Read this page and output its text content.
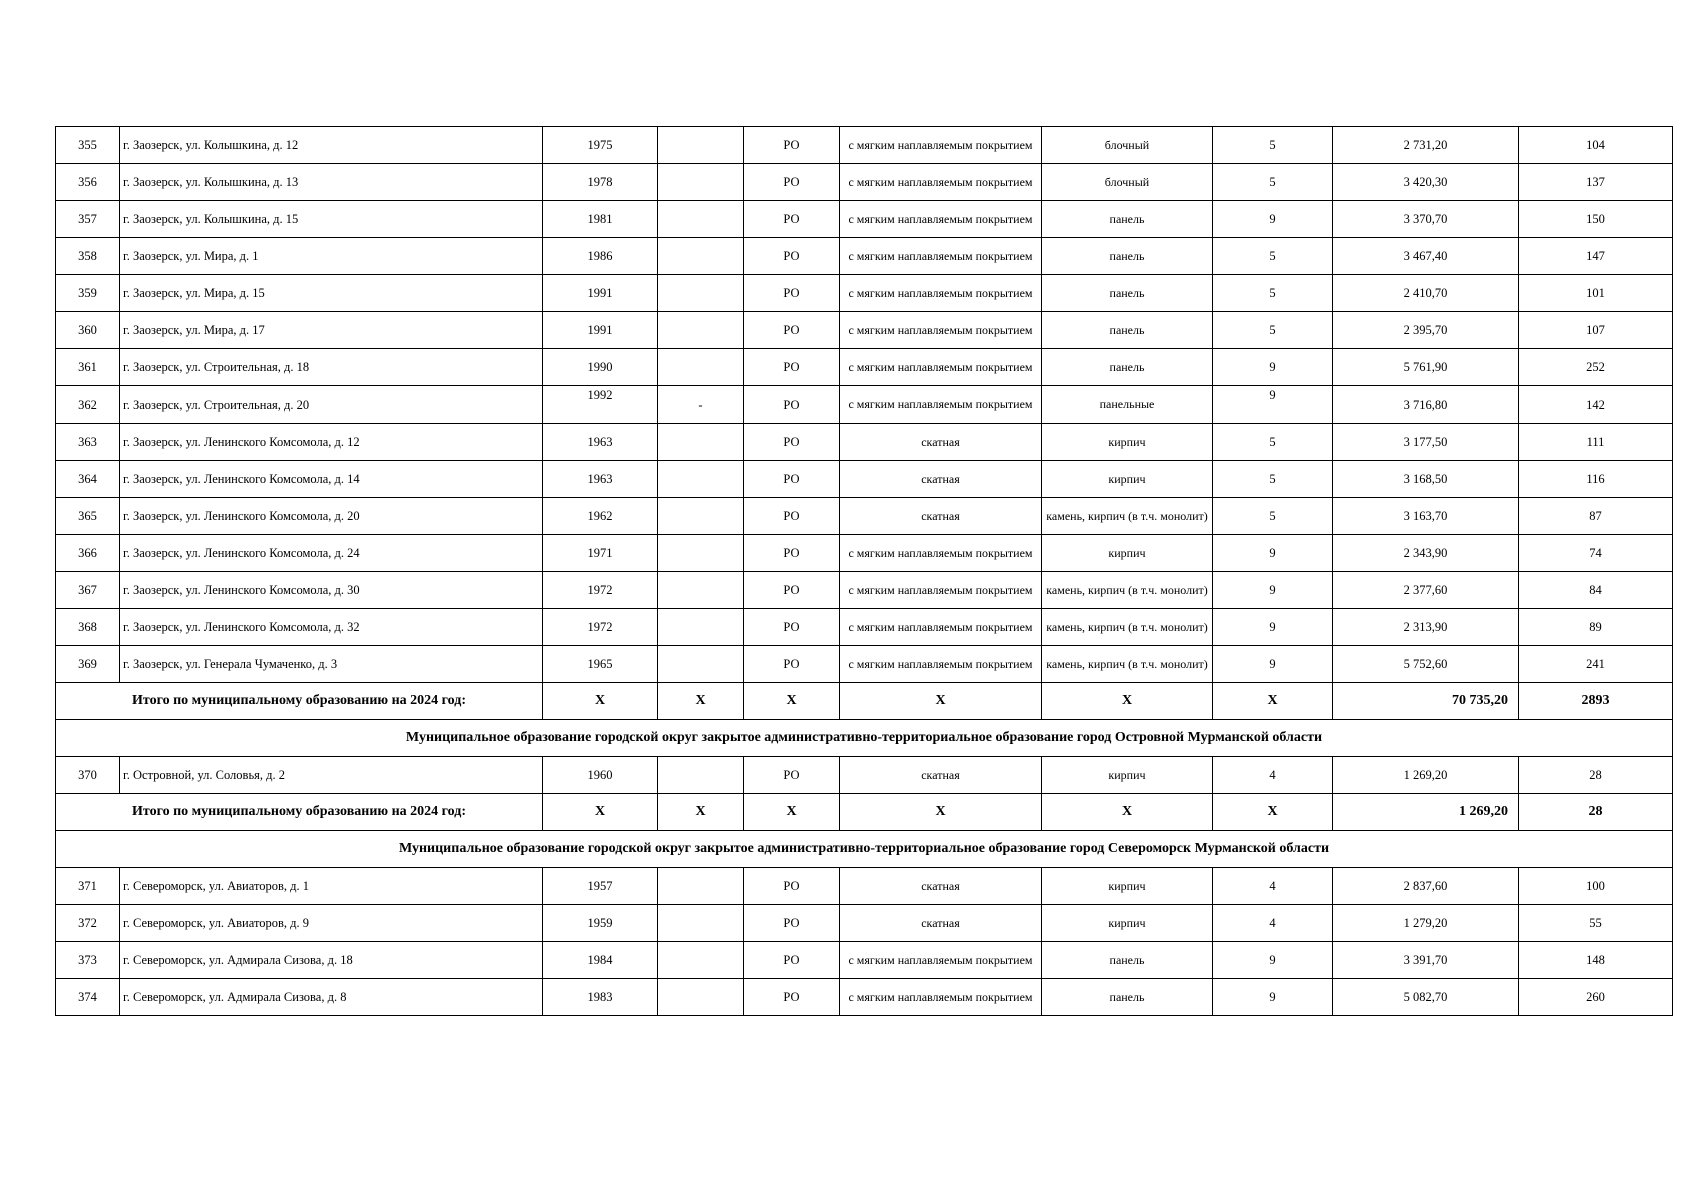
355	г. Заозерск, ул. Колышкина, д. 12	1975		РО	с мягким наплавляемым покрытием	блочный	5	2 731,20	104
356	г. Заозерск, ул. Колышкина, д. 13	1978		РО	с мягким наплавляемым покрытием	блочный	5	3 420,30	137
357	г. Заозерск, ул. Колышкина, д. 15	1981		РО	с мягким наплавляемым покрытием	панель	9	3 370,70	150
358	г. Заозерск, ул. Мира, д. 1	1986		РО	с мягким наплавляемым покрытием	панель	5	3 467,40	147
359	г. Заозерск, ул. Мира, д. 15	1991		РО	с мягким наплавляемым покрытием	панель	5	2 410,70	101
360	г. Заозерск, ул. Мира, д. 17	1991		РО	с мягким наплавляемым покрытием	панель	5	2 395,70	107
361	г. Заозерск, ул. Строительная, д. 18	1990		РО	с мягким наплавляемым покрытием	панель	9	5 761,90	252
362	г. Заозерск, ул. Строительная, д. 20	1992	-	РО	с мягким наплавляемым покрытием	панельные	9	3 716,80	142
363	г. Заозерск, ул. Ленинского Комсомола, д. 12	1963		РО	скатная	кирпич	5	3 177,50	111
364	г. Заозерск, ул. Ленинского Комсомола, д. 14	1963		РО	скатная	кирпич	5	3 168,50	116
365	г. Заозерск, ул. Ленинского Комсомола, д. 20	1962		РО	скатная	камень, кирпич (в т.ч. монолит)	5	3 163,70	87
366	г. Заозерск, ул. Ленинского Комсомола, д. 24	1971		РО	с мягким наплавляемым покрытием	кирпич	9	2 343,90	74
367	г. Заозерск, ул. Ленинского Комсомола, д. 30	1972		РО	с мягким наплавляемым покрытием	камень, кирпич (в т.ч. монолит)	9	2 377,60	84
368	г. Заозерск, ул. Ленинского Комсомола, д. 32	1972		РО	с мягким наплавляемым покрытием	камень, кирпич (в т.ч. монолит)	9	2 313,90	89
369	г. Заозерск, ул. Генерала Чумаченко, д. 3	1965		РО	с мягким наплавляемым покрытием	камень, кирпич (в т.ч. монолит)	9	5 752,60	241
Итого по муниципальному образованию на 2024 год:		X	X	X	X	X	X	70 735,20	2893
Муниципальное образование городской округ закрытое административно-территориальное образование город Островной Мурманской области									
370	г. Островной, ул. Соловья, д. 2	1960		РО	скатная	кирпич	4	1 269,20	28
Итого по муниципальному образованию на 2024 год:		X	X	X	X	X	X	1 269,20	28
Муниципальное образование городской округ закрытое административно-территориальное образование город Североморск Мурманской области									
371	г. Североморск, ул. Авиаторов, д. 1	1957		РО	скатная	кирпич	4	2 837,60	100
372	г. Североморск, ул. Авиаторов, д. 9	1959		РО	скатная	кирпич	4	1 279,20	55
373	г. Североморск, ул. Адмирала Сизова, д. 18	1984		РО	с мягким наплавляемым покрытием	панель	9	3 391,70	148
374	г. Североморск, ул. Адмирала Сизова, д. 8	1983		РО	с мягким наплавляемым покрытием	панель	9	5 082,70	260
